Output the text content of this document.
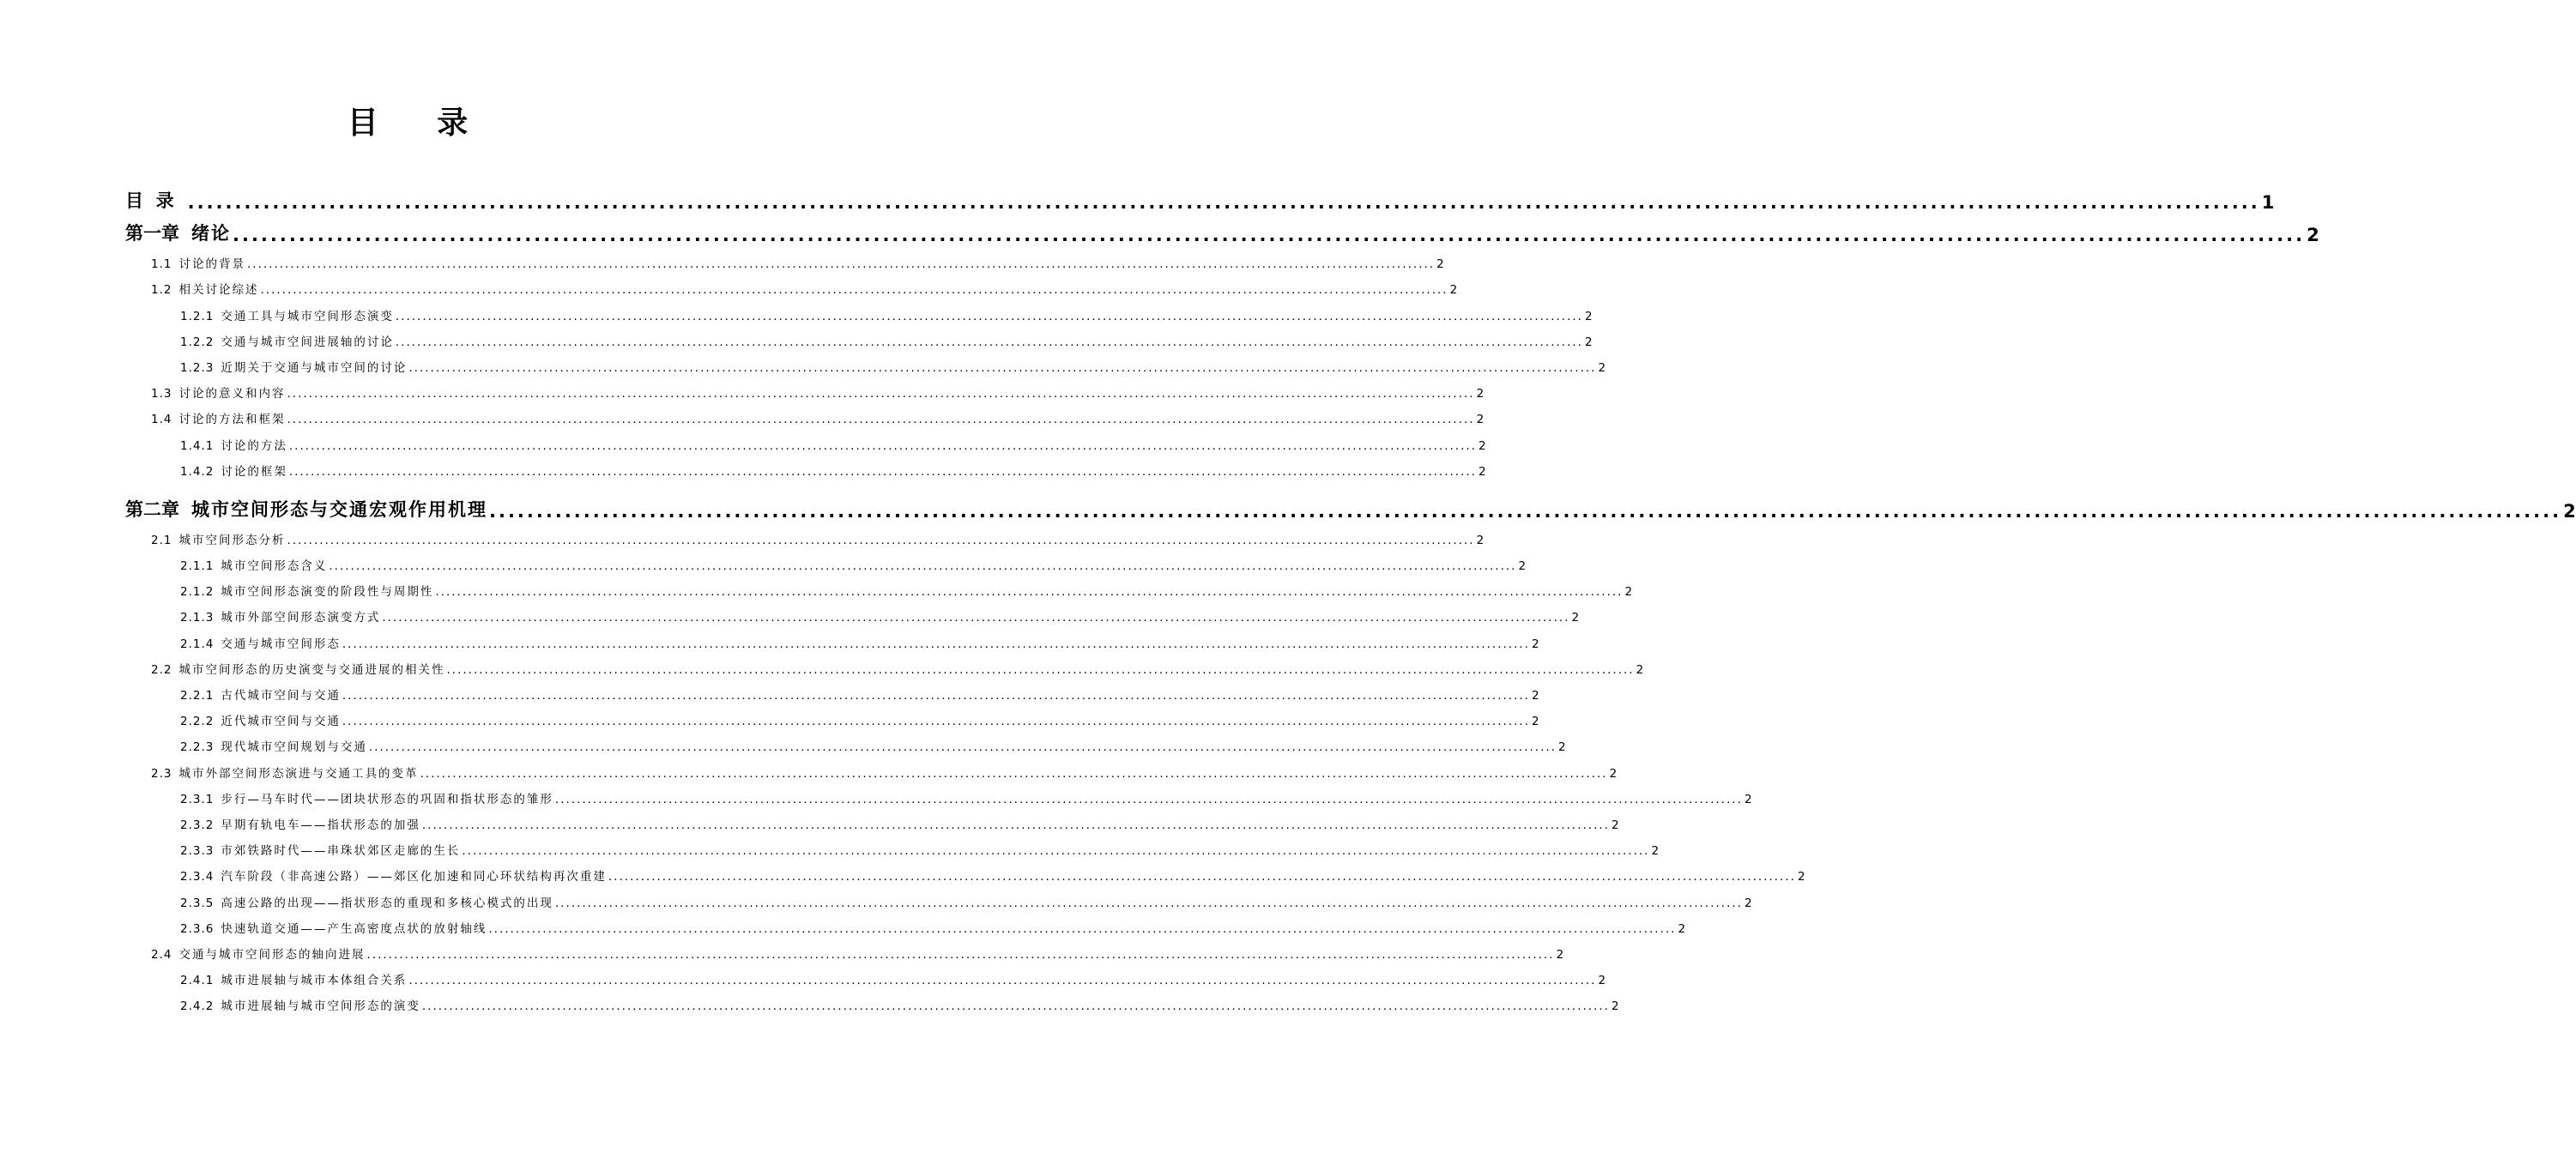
目 录
目  录 ............................................................................................................................................................................................................................ 1
第一章 绪论 ............................................................................................................................................................................................................................ 2
1.1 讨论的背景 ............................................................................................................................................................................................................................ 2
1.2 相关讨论综述 ............................................................................................................................................................................................................................ 2
1.2.1 交通工具与城市空间形态演变 ............................................................................................................................................................................................................................ 2
1.2.2 交通与城市空间进展轴的讨论 ............................................................................................................................................................................................................................ 2
1.2.3 近期关于交通与城市空间的讨论 ............................................................................................................................................................................................................................ 2
1.3 讨论的意义和内容 ............................................................................................................................................................................................................................ 2
1.4 讨论的方法和框架 ............................................................................................................................................................................................................................ 2
1.4.1 讨论的方法 ............................................................................................................................................................................................................................ 2
1.4.2 讨论的框架 ............................................................................................................................................................................................................................ 2
第二章 城市空间形态与交通宏观作用机理 ............................................................................................................................................................................................................................ 2
2.1 城市空间形态分析 ............................................................................................................................................................................................................................ 2
2.1.1 城市空间形态含义 ............................................................................................................................................................................................................................ 2
2.1.2 城市空间形态演变的阶段性与周期性 ............................................................................................................................................................................................................................ 2
2.1.3 城市外部空间形态演变方式 ............................................................................................................................................................................................................................ 2
2.1.4 交通与城市空间形态 ............................................................................................................................................................................................................................ 2
2.2 城市空间形态的历史演变与交通进展的相关性 ............................................................................................................................................................................................................................ 2
2.2.1 古代城市空间与交通 ............................................................................................................................................................................................................................ 2
2.2.2 近代城市空间与交通 ............................................................................................................................................................................................................................ 2
2.2.3 现代城市空间规划与交通 ............................................................................................................................................................................................................................ 2
2.3 城市外部空间形态演进与交通工具的变革 ............................................................................................................................................................................................................................ 2
2.3.1 步行—马车时代——团块状形态的巩固和指状形态的雏形 ............................................................................................................................................................................................................................ 2
2.3.2 早期有轨电车——指状形态的加强 ............................................................................................................................................................................................................................ 2
2.3.3 市郊铁路时代——串珠状郊区走廊的生长 ............................................................................................................................................................................................................................ 2
2.3.4 汽车阶段（非高速公路）——郊区化加速和同心环状结构再次重建 ............................................................................................................................................................................................................................ 2
2.3.5 高速公路的出现——指状形态的重现和多核心模式的出现 ............................................................................................................................................................................................................................ 2
2.3.6 快速轨道交通——产生高密度点状的放射轴线 ............................................................................................................................................................................................................................ 2
2.4 交通与城市空间形态的轴向进展 ............................................................................................................................................................................................................................ 2
2.4.1 城市进展轴与城市本体组合关系 ............................................................................................................................................................................................................................ 2
2.4.2 城市进展轴与城市空间形态的演变 ............................................................................................................................................................................................................................ 2
